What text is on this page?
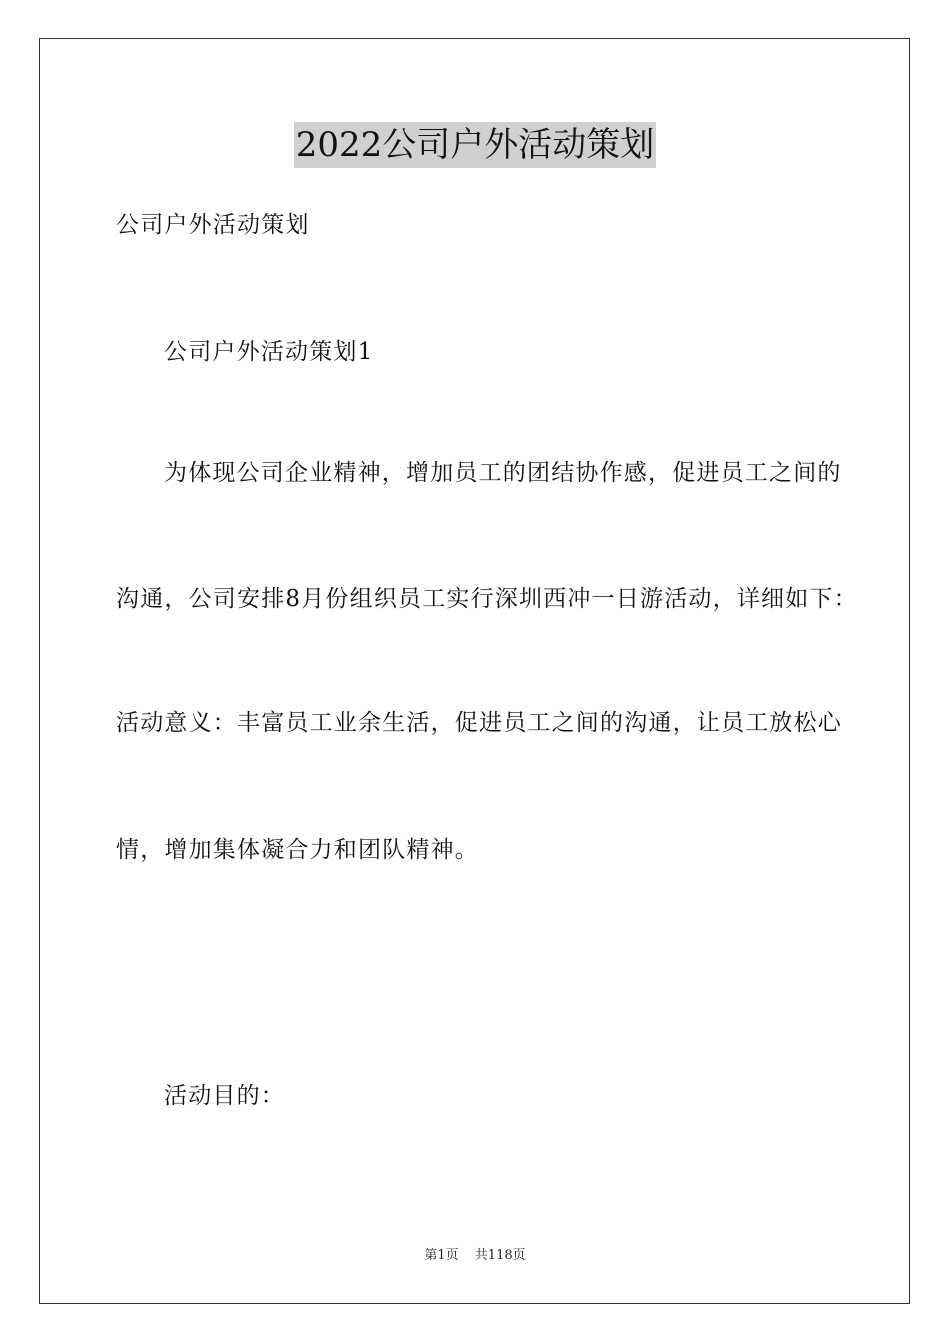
2022公司户外活动策划
公司户外活动策划
公司户外活动策划1
为体现公司企业精神，增加员工的团结协作感，促进员工之间的
沟通，公司安排8月份组织员工实行深圳西冲一日游活动，详细如下：
活动意义：丰富员工业余生活，促进员工之间的沟通，让员工放松心
情，增加集体凝合力和团队精神。
活动目的：
第1页 共118页
